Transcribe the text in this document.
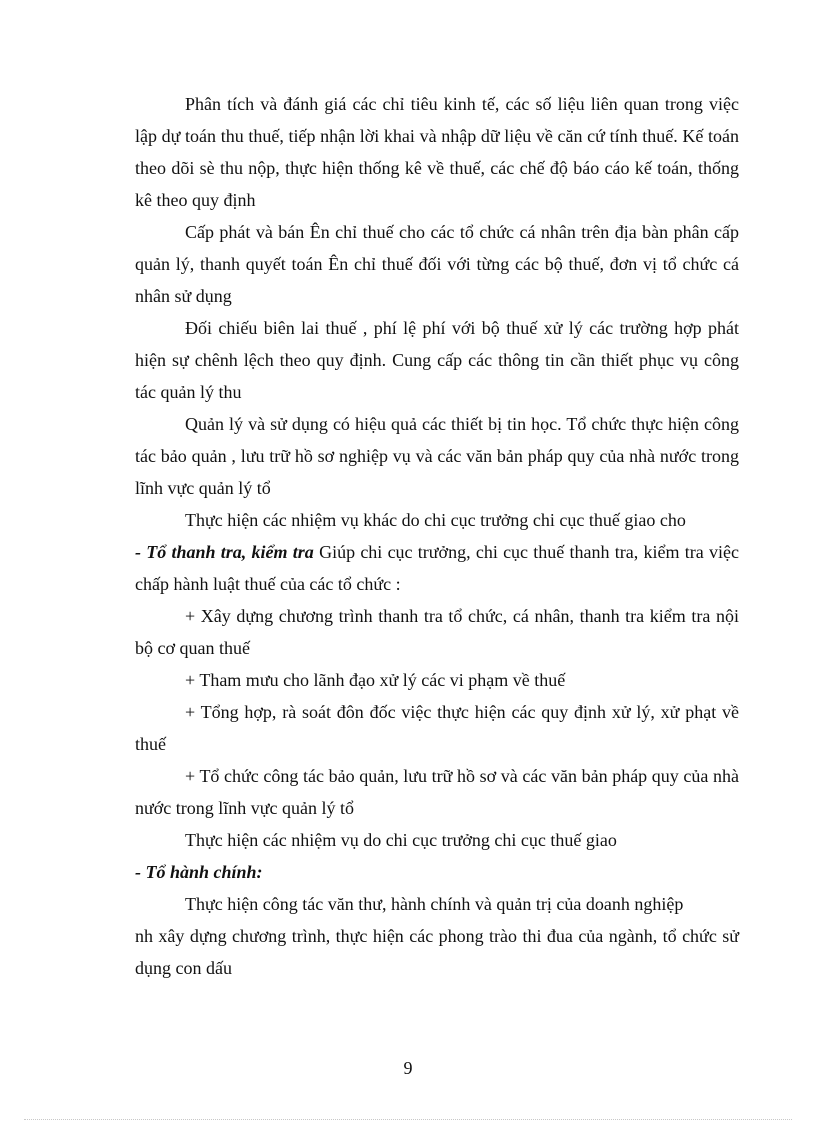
Phân tích và đánh giá các chỉ tiêu kinh tế, các số liệu liên quan trong việc lập dự toán thu thuế, tiếp nhận lời khai và nhập dữ liệu về căn cứ tính thuế. Kế toán theo dõi sè thu nộp, thực hiện thống kê về thuế, các chế độ báo cáo kế toán, thống kê theo quy định

Cấp phát và bán Ên chỉ thuế cho các tổ chức cá nhân trên địa bàn phân cấp quản lý, thanh quyết toán Ên chỉ thuế đối với từng các bộ thuế, đơn vị tổ chức cá nhân sử dụng

Đối chiếu biên lai thuế , phí lệ phí với bộ thuế xử lý các trường hợp phát hiện sự chênh lệch theo quy định. Cung cấp các thông tin cần thiết phục vụ công tác quản lý thu

Quản lý và sử dụng có hiệu quả các thiết bị tin học. Tổ chức thực hiện công tác bảo quản , lưu trữ hồ sơ nghiệp vụ và các văn bản pháp quy của nhà nước trong lĩnh vực quản lý tổ

Thực hiện các nhiệm vụ khác do chi cục trưởng chi cục thuế giao cho

- Tổ thanh tra, kiểm tra Giúp chi cục trưởng, chi cục thuế thanh tra, kiểm tra việc chấp hành luật thuế của các tổ chức :

+ Xây dựng chương trình thanh tra tổ chức, cá nhân, thanh tra kiểm tra nội bộ cơ quan thuế

+ Tham mưu cho lãnh đạo xử lý các vi phạm về thuế

+ Tổng hợp, rà soát đôn đốc việc thực hiện các quy định xử lý, xử phạt về thuế

+ Tổ chức công tác bảo quản, lưu trữ hồ sơ và các văn bản pháp quy của nhà nước trong lĩnh vực quản lý tổ

Thực hiện các nhiệm vụ do chi cục trưởng chi cục thuế giao

- Tổ hành chính:

Thực hiện công tác văn thư, hành chính và quản trị của doanh nghiệp
nh xây dựng chương trình, thực hiện các phong trào thi đua của ngành, tổ chức sử dụng con dấu

9
